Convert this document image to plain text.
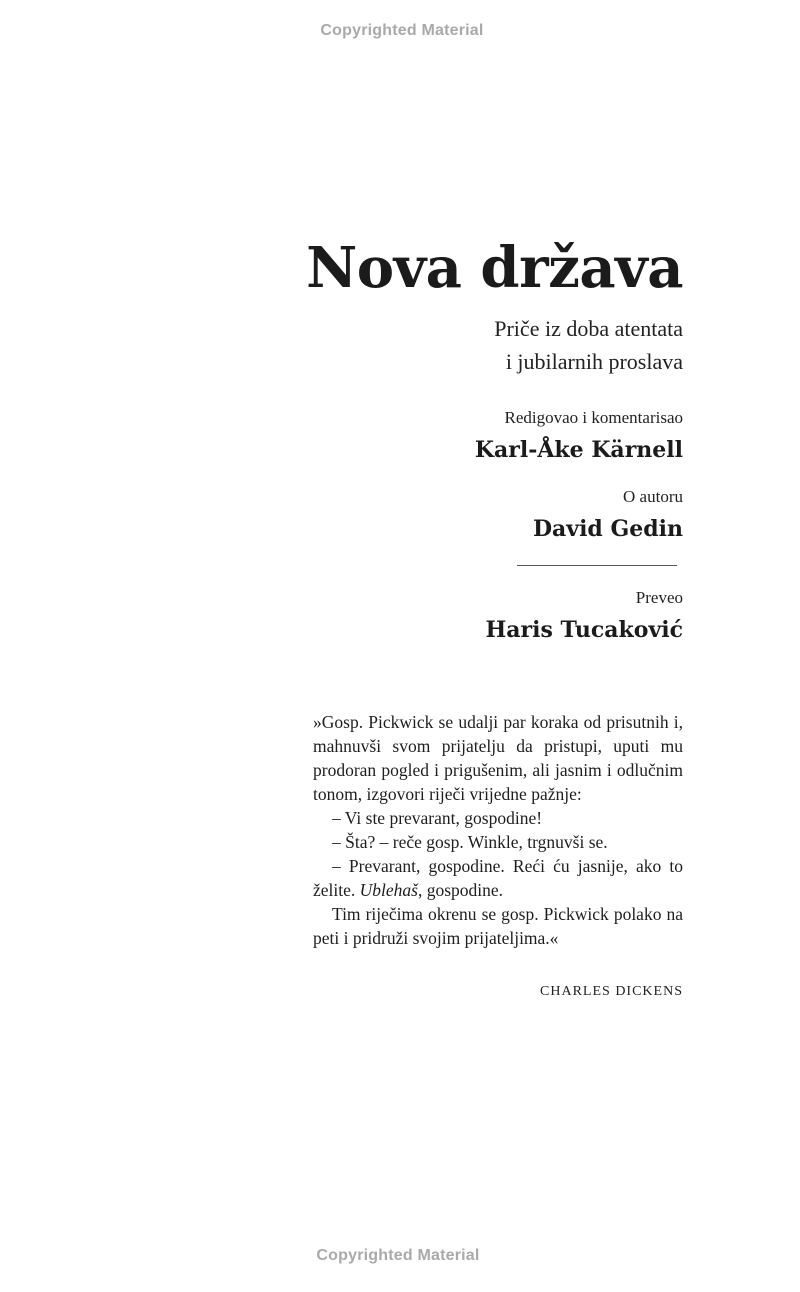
Copyrighted Material
Nova država
Priče iz doba atentata
i jubilarnih proslava
Redigovao i komentarisao
Karl-Åke Kärnell
O autoru
David Gedin
Preveo
Haris Tucaković

»Gosp. Pickwick se udalji par koraka od prisutnih i, mahnuvši svom prijatelju da pristupi, uputi mu prodoran pogled i prigušenim, ali jasnim i odlučnim tonom, izgovori riječi vrijedne pažnje:

– Vi ste prevarant, gospodine!

– Šta? – reče gosp. Winkle, trgnuvši se.

– Prevarant, gospodine. Reći ću jasnije, ako to želite. Ublehaš, gospodine.

Tim riječima okrenu se gosp. Pickwick polako na peti i pridruži svojim prijateljima.«

CHARLES DICKENS
Copyrighted Material
